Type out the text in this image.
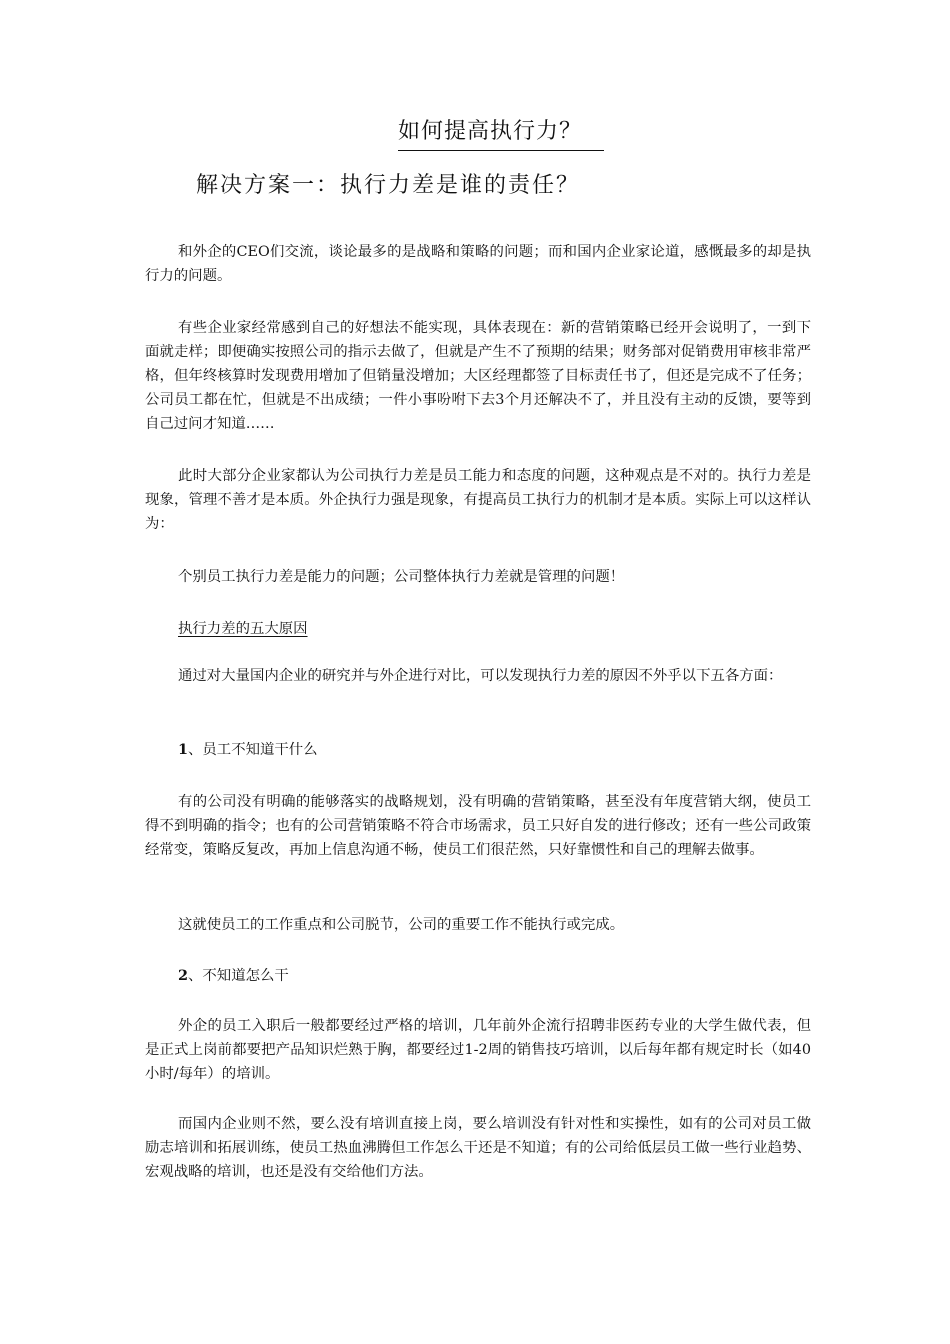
如何提高执行力？
解决方案一：执行力差是谁的责任？

和外企的CEO们交流，谈论最多的是战略和策略的问题；而和国内企业家论道，感慨最多的却是执行力的问题。

有些企业家经常感到自己的好想法不能实现，具体表现在：新的营销策略已经开会说明了，一到下面就走样；即便确实按照公司的指示去做了，但就是产生不了预期的结果；财务部对促销费用审核非常严格，但年终核算时发现费用增加了但销量没增加；大区经理都签了目标责任书了，但还是完成不了任务；公司员工都在忙，但就是不出成绩；一件小事吩咐下去3个月还解决不了，并且没有主动的反馈，要等到自己过问才知道……

此时大部分企业家都认为公司执行力差是员工能力和态度的问题，这种观点是不对的。执行力差是现象，管理不善才是本质。外企执行力强是现象，有提高员工执行力的机制才是本质。实际上可以这样认为：

个别员工执行力差是能力的问题；公司整体执行力差就是管理的问题！

执行力差的五大原因

通过对大量国内企业的研究并与外企进行对比，可以发现执行力差的原因不外乎以下五各方面：

1、员工不知道干什么

有的公司没有明确的能够落实的战略规划，没有明确的营销策略，甚至没有年度营销大纲，使员工得不到明确的指令；也有的公司营销策略不符合市场需求，员工只好自发的进行修改；还有一些公司政策经常变，策略反复改，再加上信息沟通不畅，使员工们很茫然，只好靠惯性和自己的理解去做事。

这就使员工的工作重点和公司脱节，公司的重要工作不能执行或完成。

2、不知道怎么干

外企的员工入职后一般都要经过严格的培训，几年前外企流行招聘非医药专业的大学生做代表，但是正式上岗前都要把产品知识烂熟于胸，都要经过1-2周的销售技巧培训，以后每年都有规定时长（如40小时/每年）的培训。

而国内企业则不然，要么没有培训直接上岗，要么培训没有针对性和实操性，如有的公司对员工做励志培训和拓展训练，使员工热血沸腾但工作怎么干还是不知道；有的公司给低层员工做一些行业趋势、宏观战略的培训，也还是没有交给他们方法。
